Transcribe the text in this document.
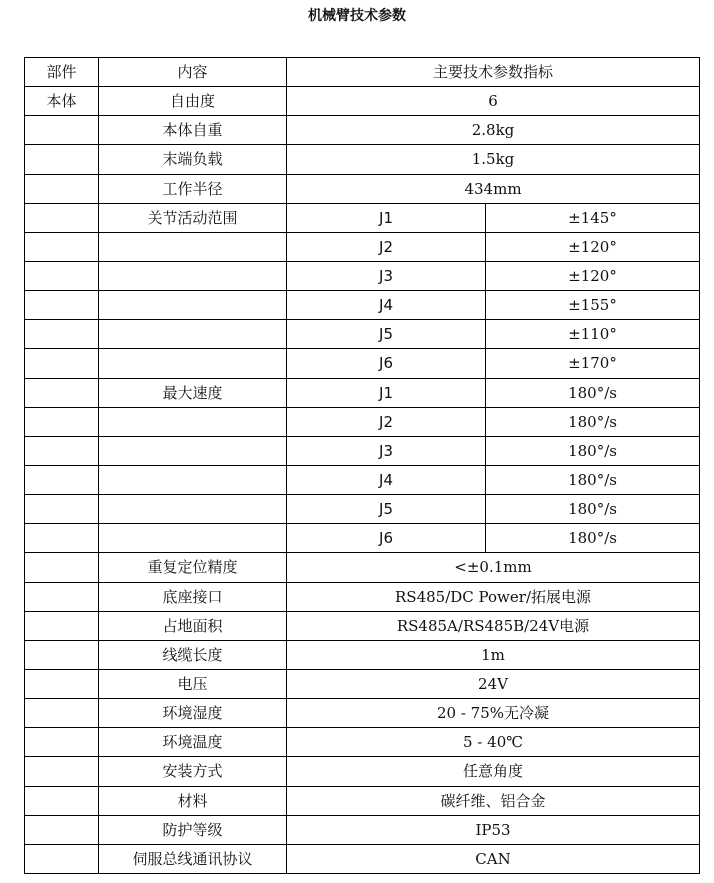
机械臂技术参数
部件	内容	主要技术参数指标	
本体	自由度	6	
	本体自重	2.8kg	
	末端负载	1.5kg	
	工作半径	434mm	
	关节活动范围	J1	±145°
		J2	±120°
		J3	±120°
		J4	±155°
		J5	±110°
		J6	±170°
	最大速度	J1	180°/s
		J2	180°/s
		J3	180°/s
		J4	180°/s
		J5	180°/s
		J6	180°/s
	重复定位精度	<±0.1mm	
	底座接口	RS485/DC Power/拓展电源	
	占地面积	RS485A/RS485B/24V电源	
	线缆长度	1m	
	电压	24V	
	环境湿度	20 - 75%无冷凝	
	环境温度	5 - 40℃	
	安装方式	任意角度	
	材料	碳纤维、铝合金	
	防护等级	IP53	
	伺服总线通讯协议	CAN	
